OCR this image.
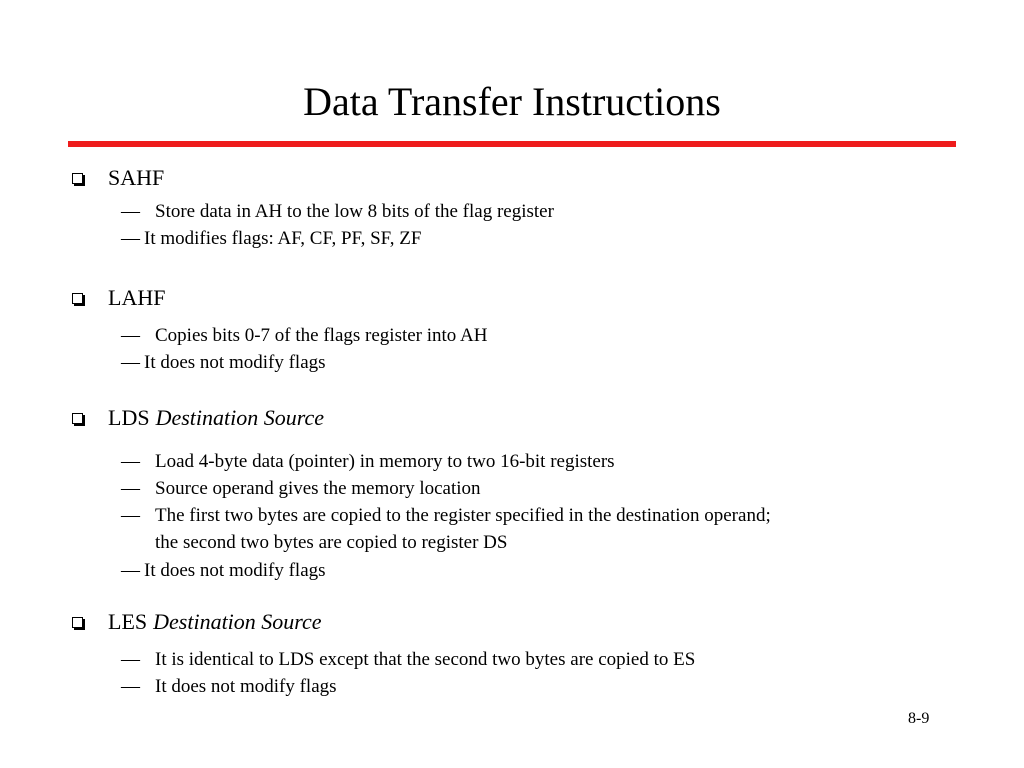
Data Transfer Instructions
SAHF
— Store data in AH to the low 8 bits of the flag register
— It modifies flags: AF, CF, PF, SF, ZF
LAHF
— Copies bits 0-7 of the flags register into AH
— It does not modify flags
LDS Destination Source
— Load 4-byte data (pointer) in memory to two 16-bit registers
— Source operand gives the memory location
— The first two bytes are copied to the register specified in the destination operand;
the second two bytes are copied to register DS
— It does not modify flags
LES Destination Source
— It is identical to LDS except that the second two bytes are copied to ES
— It does not modify flags
8-9
